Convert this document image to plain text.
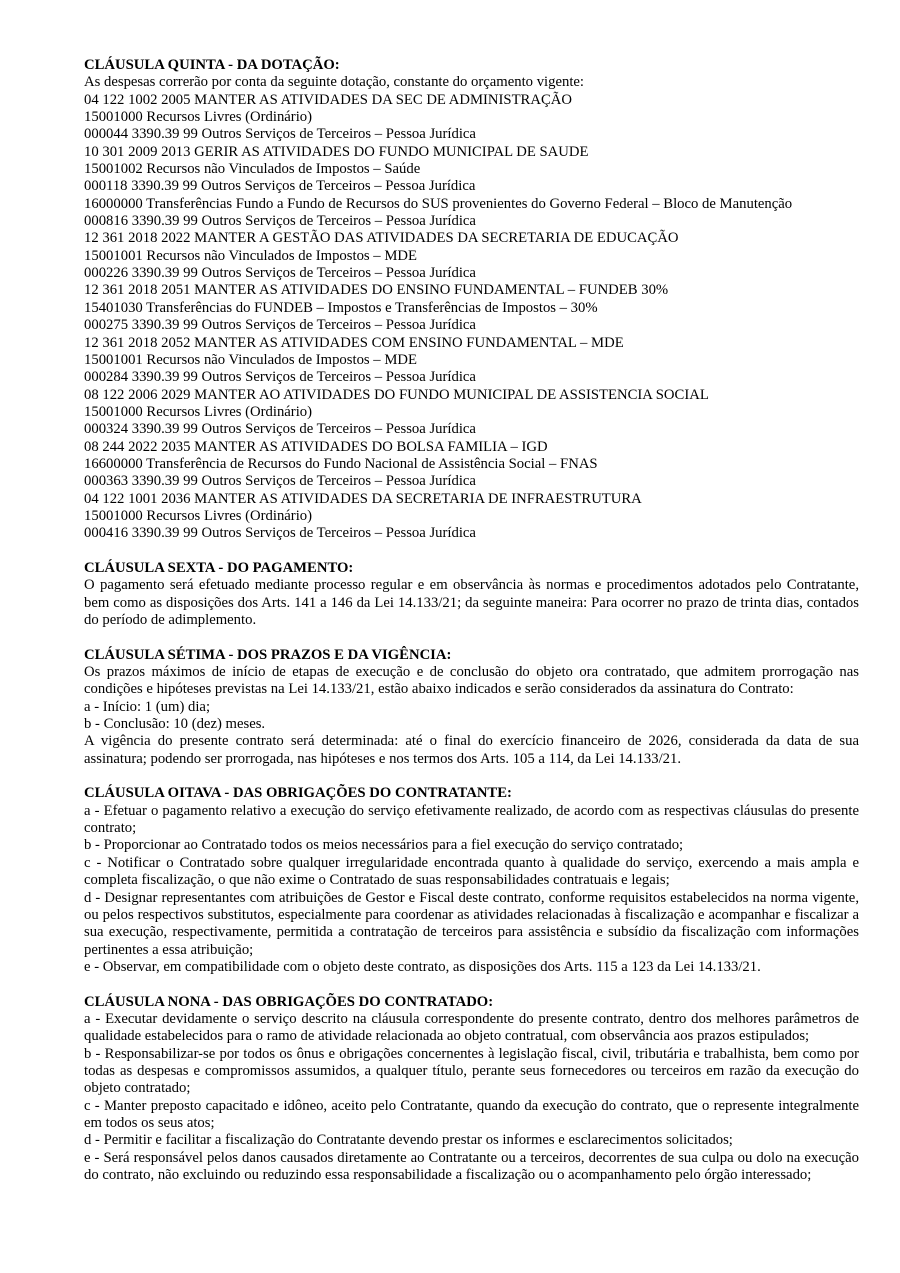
CLÁUSULA QUINTA - DA DOTAÇÃO:

As despesas correrão por conta da seguinte dotação, constante do orçamento vigente:

04 122 1002 2005 MANTER AS ATIVIDADES DA SEC DE ADMINISTRAÇÃO

15001000 Recursos Livres (Ordinário)

000044 3390.39 99 Outros Serviços de Terceiros – Pessoa Jurídica

10 301 2009 2013 GERIR AS ATIVIDADES DO FUNDO MUNICIPAL DE SAUDE

15001002 Recursos não Vinculados de Impostos – Saúde

000118 3390.39 99 Outros Serviços de Terceiros – Pessoa Jurídica

16000000 Transferências Fundo a Fundo de Recursos do SUS provenientes do Governo Federal – Bloco de Manutenção

000816 3390.39 99 Outros Serviços de Terceiros – Pessoa Jurídica

12 361 2018 2022 MANTER A GESTÃO DAS ATIVIDADES DA SECRETARIA DE EDUCAÇÃO

15001001 Recursos não Vinculados de Impostos – MDE

000226 3390.39 99 Outros Serviços de Terceiros – Pessoa Jurídica

12 361 2018 2051 MANTER AS ATIVIDADES DO ENSINO FUNDAMENTAL – FUNDEB 30%

15401030 Transferências do FUNDEB – Impostos e Transferências de Impostos – 30%

000275 3390.39 99 Outros Serviços de Terceiros – Pessoa Jurídica

12 361 2018 2052 MANTER AS ATIVIDADES COM ENSINO FUNDAMENTAL – MDE

15001001 Recursos não Vinculados de Impostos – MDE

000284 3390.39 99 Outros Serviços de Terceiros – Pessoa Jurídica

08 122 2006 2029 MANTER AO ATIVIDADES DO FUNDO MUNICIPAL DE ASSISTENCIA SOCIAL

15001000 Recursos Livres (Ordinário)

000324 3390.39 99 Outros Serviços de Terceiros – Pessoa Jurídica

08 244 2022 2035 MANTER AS ATIVIDADES DO BOLSA FAMILIA – IGD

16600000 Transferência de Recursos do Fundo Nacional de Assistência Social – FNAS

000363 3390.39 99 Outros Serviços de Terceiros – Pessoa Jurídica

04 122 1001 2036 MANTER AS ATIVIDADES DA SECRETARIA DE INFRAESTRUTURA

15001000 Recursos Livres (Ordinário)

000416 3390.39 99 Outros Serviços de Terceiros – Pessoa Jurídica

CLÁUSULA SEXTA - DO PAGAMENTO:

O pagamento será efetuado mediante processo regular e em observância às normas e procedimentos adotados pelo Contratante, bem como as disposições dos Arts. 141 a 146 da Lei 14.133/21; da seguinte maneira: Para ocorrer no prazo de trinta dias, contados do período de adimplemento.

CLÁUSULA SÉTIMA - DOS PRAZOS E DA VIGÊNCIA:

Os prazos máximos de início de etapas de execução e de conclusão do objeto ora contratado, que admitem prorrogação nas condições e hipóteses previstas na Lei 14.133/21, estão abaixo indicados e serão considerados da assinatura do Contrato:

a - Início: 1 (um) dia;

b - Conclusão: 10 (dez) meses.

A vigência do presente contrato será determinada: até o final do exercício financeiro de 2026, considerada da data de sua assinatura; podendo ser prorrogada, nas hipóteses e nos termos dos Arts. 105 a 114, da Lei 14.133/21.

CLÁUSULA OITAVA - DAS OBRIGAÇÕES DO CONTRATANTE:

a - Efetuar o pagamento relativo a execução do serviço efetivamente realizado, de acordo com as respectivas cláusulas do presente contrato;

b - Proporcionar ao Contratado todos os meios necessários para a fiel execução do serviço contratado;

c - Notificar o Contratado sobre qualquer irregularidade encontrada quanto à qualidade do serviço, exercendo a mais ampla e completa fiscalização, o que não exime o Contratado de suas responsabilidades contratuais e legais;

d - Designar representantes com atribuições de Gestor e Fiscal deste contrato, conforme requisitos estabelecidos na norma vigente, ou pelos respectivos substitutos, especialmente para coordenar as atividades relacionadas à fiscalização e acompanhar e fiscalizar a sua execução, respectivamente, permitida a contratação de terceiros para assistência e subsídio da fiscalização com informações pertinentes a essa atribuição;

e - Observar, em compatibilidade com o objeto deste contrato, as disposições dos Arts. 115 a 123 da Lei 14.133/21.

CLÁUSULA NONA - DAS OBRIGAÇÕES DO CONTRATADO:

a - Executar devidamente o serviço descrito na cláusula correspondente do presente contrato, dentro dos melhores parâmetros de qualidade estabelecidos para o ramo de atividade relacionada ao objeto contratual, com observância aos prazos estipulados;

b - Responsabilizar-se por todos os ônus e obrigações concernentes à legislação fiscal, civil, tributária e trabalhista, bem como por todas as despesas e compromissos assumidos, a qualquer título, perante seus fornecedores ou terceiros em razão da execução do objeto contratado;

c - Manter preposto capacitado e idôneo, aceito pelo Contratante, quando da execução do contrato, que o represente integralmente em todos os seus atos;

d - Permitir e facilitar a fiscalização do Contratante devendo prestar os informes e esclarecimentos solicitados;

e - Será responsável pelos danos causados diretamente ao Contratante ou a terceiros, decorrentes de sua culpa ou dolo na execução do contrato, não excluindo ou reduzindo essa responsabilidade a fiscalização ou o acompanhamento pelo órgão interessado;
